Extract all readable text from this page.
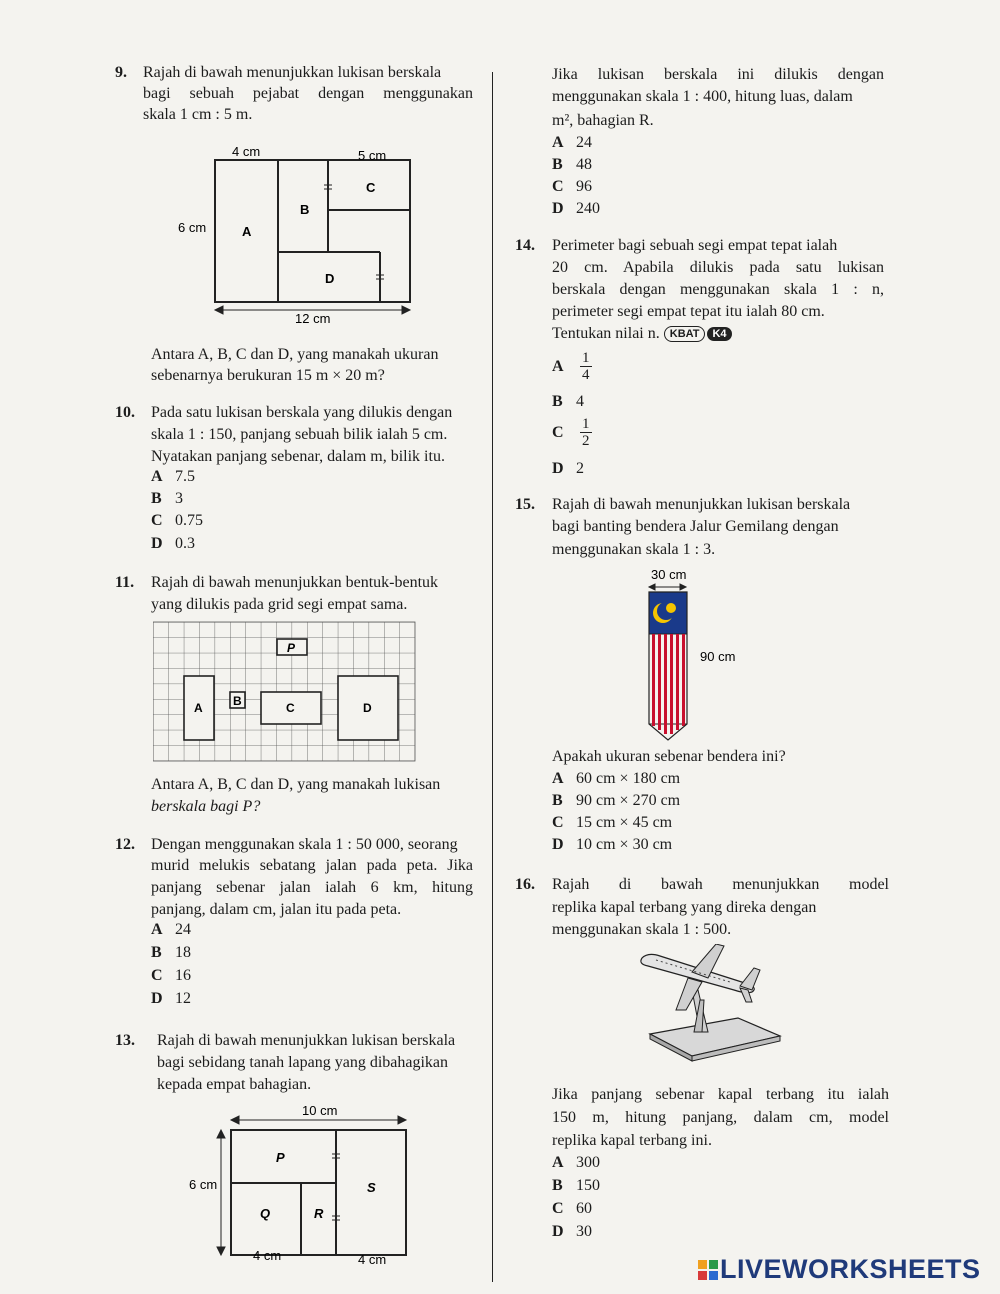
9. Rajah di bawah menunjukkan lukisan berskala
bagi sebuah pejabat dengan menggunakan
skala 1 cm : 5 m.
4 cm	5 cm
6 cm
12 cm
A
B
C
D
Antara A, B, C dan D, yang manakah ukuran
sebenarnya berukuran 15 m × 20 m?
10. Pada satu lukisan berskala yang dilukis dengan
skala 1 : 150, panjang sebuah bilik ialah 5 cm.
Nyatakan panjang sebenar, dalam m, bilik itu.
A 7.5
B 3
C 0.75
D 0.3
11. Rajah di bawah menunjukkan bentuk-bentuk
yang dilukis pada grid segi empat sama.
P
A	B	C	D
Antara A, B, C dan D, yang manakah lukisan
berskala bagi P?
12. Dengan menggunakan skala 1 : 50 000, seorang
murid melukis sebatang jalan pada peta. Jika
panjang sebenar jalan ialah 6 km, hitung
panjang, dalam cm, jalan itu pada peta.
A 24
B 18
C 16
D 12
13. Rajah di bawah menunjukkan lukisan berskala
bagi sebidang tanah lapang yang dibahagikan
kepada empat bahagian.
10 cm
6 cm
4 cm	4 cm
P
Q	R
S
Jika lukisan berskala ini dilukis dengan
menggunakan skala 1 : 400, hitung luas, dalam
m², bahagian R.
A 24
B 48
C 96
D 240
14. Perimeter bagi sebuah segi empat tepat ialah
20 cm. Apabila dilukis pada satu lukisan
berskala dengan menggunakan skala 1 : n,
perimeter segi empat tepat itu ialah 80 cm.
Tentukan nilai n. KBAT K4
A $\frac{1}{4}$
B 4
C $\frac{1}{2}$
D 2
15. Rajah di bawah menunjukkan lukisan berskala
bagi banting bendera Jalur Gemilang dengan
menggunakan skala 1 : 3.
30 cm
90 cm
Apakah ukuran sebenar bendera ini?
A 60 cm × 180 cm
B 90 cm × 270 cm
C 15 cm × 45 cm
D 10 cm × 30 cm
16. Rajah di bawah menunjukkan model
replika kapal terbang yang direka dengan
menggunakan skala 1 : 500.
Jika panjang sebenar kapal terbang itu ialah
150 m, hitung panjang, dalam cm, model
replika kapal terbang ini.
A 300
B 150
C 60
D 30
LIVEWORKSHEETS
